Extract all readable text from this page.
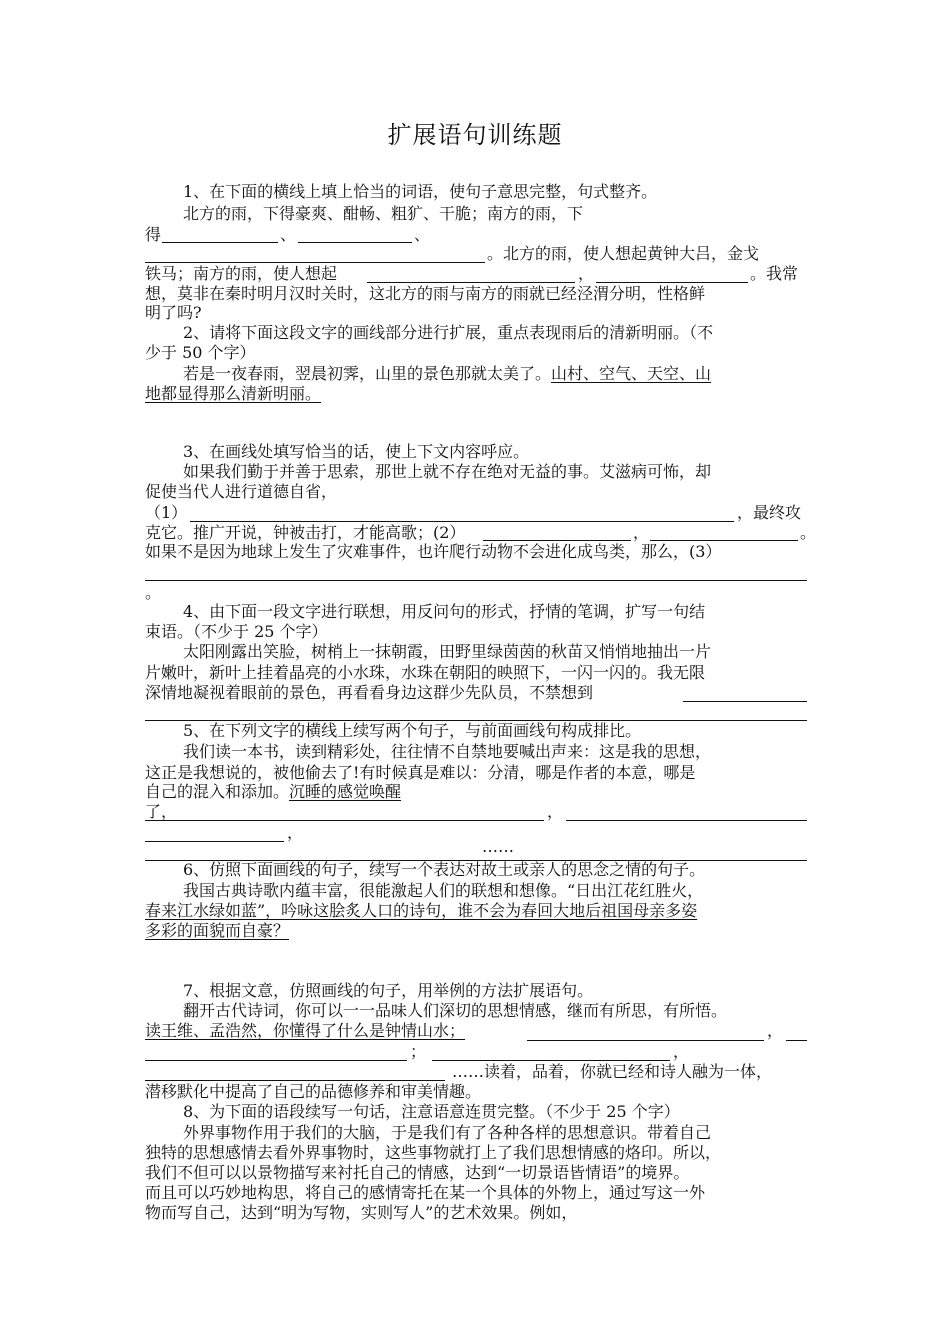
扩展语句训练题
1、在下面的横线上填上恰当的词语，使句子意思完整，句式整齐。
北方的雨，下得豪爽、酣畅、粗犷、干脆；南方的雨，下
得	、	、
。北方的雨，使人想起黄钟大吕，金戈
铁马；南方的雨，使人想起	，	。我常
想，莫非在秦时明月汉时关时，这北方的雨与南方的雨就已经泾渭分明，性格鲜
明了吗?
2、请将下面这段文字的画线部分进行扩展，重点表现雨后的清新明丽。（不
少于 50 个字）
若是一夜春雨，翌晨初霁，山里的景色那就太美了。山村、空气、天空、山
地都显得那么清新明丽。
3、在画线处填写恰当的话，使上下文内容呼应。
如果我们勤于并善于思索，那世上就不存在绝对无益的事。艾滋病可怖，却
促使当代人进行道德自省，
（1）	，最终攻
克它。推广开说，钟被击打，才能高歌；(2）	，	。
如果不是因为地球上发生了灾难事件，也许爬行动物不会进化成鸟类，那么，(3）
。
4、由下面一段文字进行联想，用反问句的形式，抒情的笔调，扩写一句结
束语。（不少于 25 个字）
太阳刚露出笑脸，树梢上一抹朝霞，田野里绿茵茵的秋苗又悄悄地抽出一片
片嫩叶，新叶上挂着晶亮的小水珠，水珠在朝阳的映照下，一闪一闪的。我无限
深情地凝视着眼前的景色，再看看身边这群少先队员，不禁想到
5、在下列文字的横线上续写两个句子，与前面画线句构成排比。
我们读一本书，读到精彩处，往往情不自禁地要喊出声来：这是我的思想，
这正是我想说的，被他偷去了!有时候真是难以：分清，哪是作者的本意，哪是
自己的混入和添加。沉睡的感觉唤醒
了，	，
，
……
6、仿照下面画线的句子，续写一个表达对故土或亲人的思念之情的句子。
我国古典诗歌内蕴丰富，很能激起人们的联想和想像。“日出江花红胜火，
春来江水绿如蓝”，吟咏这脍炙人口的诗句，谁不会为春回大地后祖国母亲多姿
多彩的面貌而自豪？
7、根据文意，仿照画线的句子，用举例的方法扩展语句。
翻开古代诗词，你可以一一品味人们深切的思想情感，继而有所思，有所悟。
读王维、孟浩然，你懂得了什么是钟情山水；	，
；	，
……读着，品着，你就已经和诗人融为一体，
潜移默化中提高了自己的品德修养和审美情趣。
8、为下面的语段续写一句话，注意语意连贯完整。（不少于 25 个字）
外界事物作用于我们的大脑，于是我们有了各种各样的思想意识。带着自己
独特的思想感情去看外界事物时，这些事物就打上了我们思想情感的烙印。所以，
我们不但可以以景物描写来衬托自己的情感，达到“一切景语皆情语”的境界。
而且可以巧妙地构思，将自己的感情寄托在某一个具体的外物上，通过写这一外
物而写自己，达到“明为写物，实则写人”的艺术效果。例如，
